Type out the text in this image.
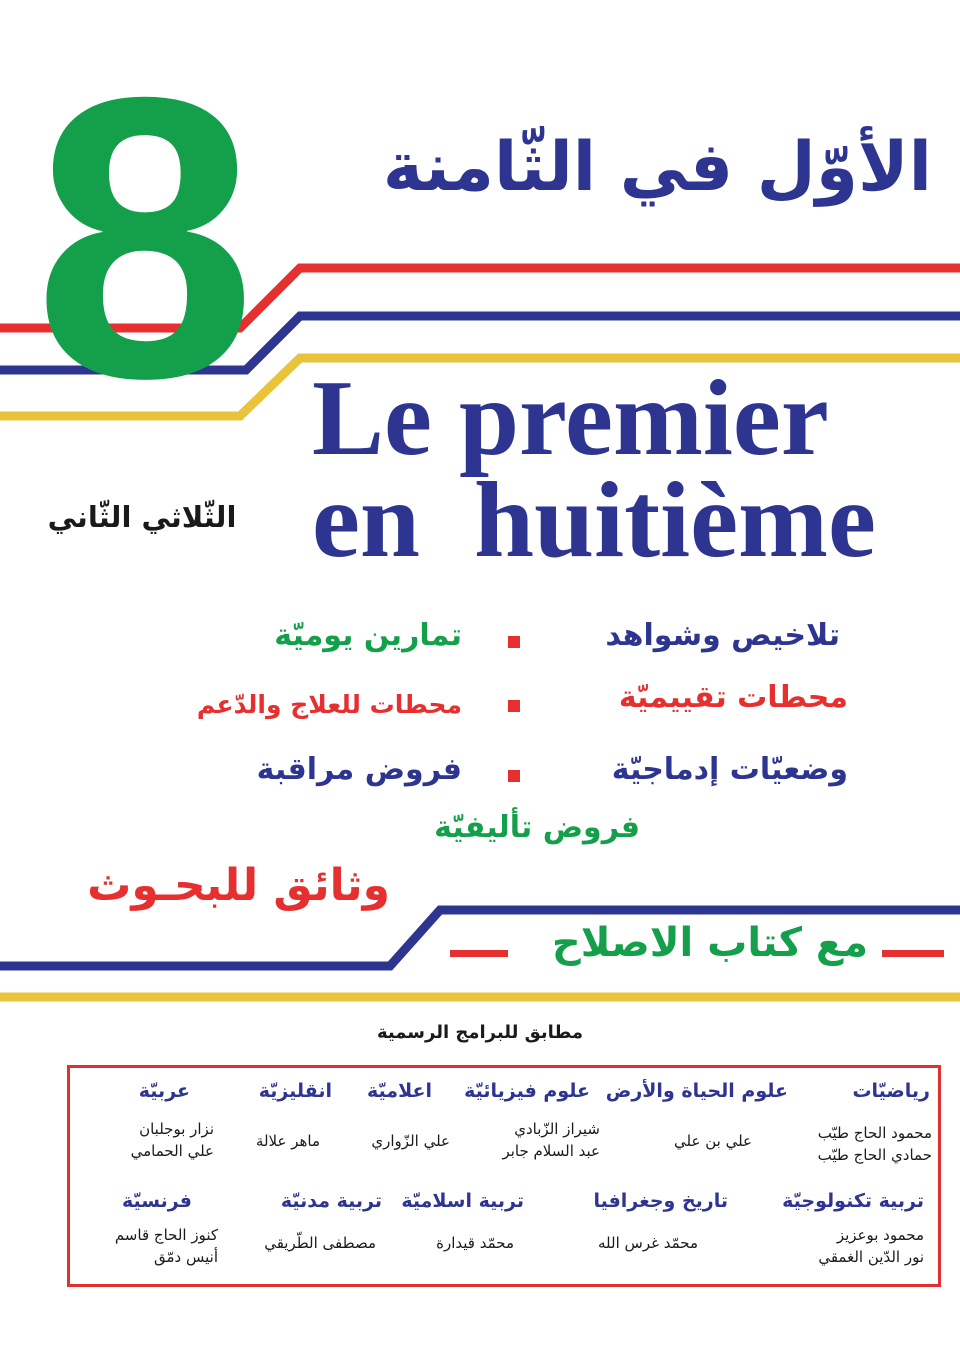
8 الأوّل في الثّامنة
Le premier
en  huitième
الثّلاثي الثّاني
تلاخيص وشواهد
تمارين يوميّة
محطات تقييميّة
محطات للعلاج والدّعم
وضعيّات إدماجيّة
فروض مراقبة
فروض تأليفيّة
وثائق للبحـوث
مع كتاب الاصلاح
مطابق للبرامج الرسمية
رياضيّات
محمود الحاج طيّب
حمادي الحاج طيّب
علوم الحياة والأرض
علي بن علي
علوم فيزيائيّة
شيراز الزّبادي
عبد السلام جابر
اعلاميّة
علي الزّواري
انقليزيّة
ماهر علالة
عربيّة
نزار بوجلبان
علي الحمامي
تربية تكنولوجيّة
محمود بوعزيز
نور الدّين الغمقي
تاريخ وجغرافيا
محمّد غرس الله
تربية اسلاميّة
محمّد قيدارة
تربية مدنيّة
مصطفى الطّريقي
فرنسيّة
كنوز الحاج قاسم
أنيس دمّق
